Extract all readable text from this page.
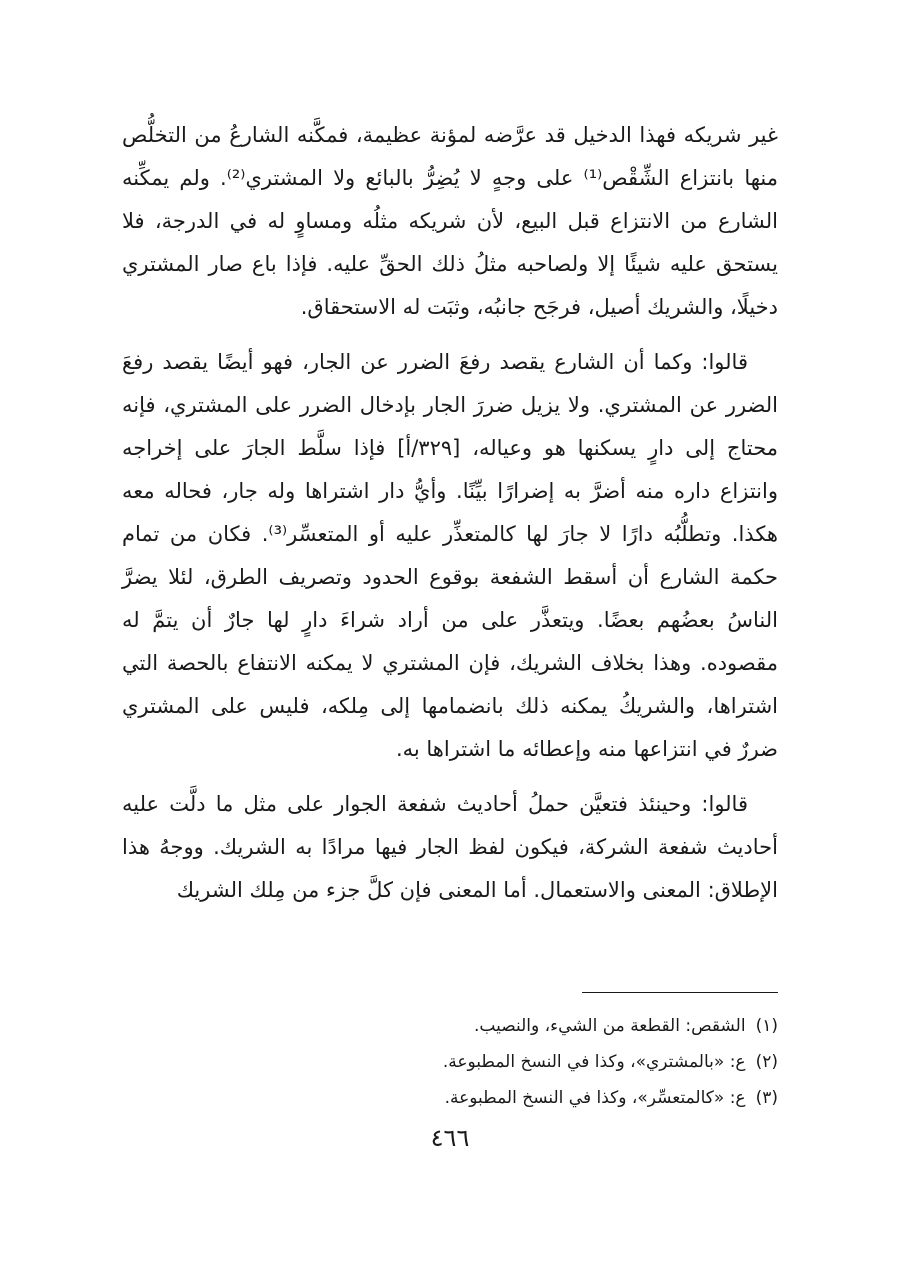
غير شريكه فهذا الدخيل قد عرَّضه لمؤنة عظيمة، فمكَّنه الشارعُ من التخلُّص منها بانتزاع الشِّقْص⁽¹⁾ على وجهٍ لا يُضِرُّ بالبائع ولا المشتري⁽²⁾. ولم يمكِّنه الشارع من الانتزاع قبل البيع، لأن شريكه مثلُه ومساوٍ له في الدرجة، فلا يستحق عليه شيئًا إلا ولصاحبه مثلُ ذلك الحقِّ عليه. فإذا باع صار المشتري دخيلًا، والشريك أصيل، فرجَح جانبُه، وثبَت له الاستحقاق.

قالوا: وكما أن الشارع يقصد رفعَ الضرر عن الجار، فهو أيضًا يقصد رفعَ الضرر عن المشتري. ولا يزيل ضررَ الجار بإدخال الضرر على المشتري، فإنه محتاج إلى دارٍ يسكنها هو وعياله، [٣٢٩/أ] فإذا سلَّط الجارَ على إخراجه وانتزاع داره منه أضرَّ به إضرارًا بيِّنًا. وأيُّ دار اشتراها وله جار، فحاله معه هكذا. وتطلُّبُه دارًا لا جارَ لها كالمتعذِّر عليه أو المتعسِّر⁽³⁾. فكان من تمام حكمة الشارع أن أسقط الشفعة بوقوع الحدود وتصريف الطرق، لئلا يضرَّ الناسُ بعضُهم بعضًا. ويتعذَّر على من أراد شراءَ دارٍ لها جارٌ أن يتمَّ له مقصوده. وهذا بخلاف الشريك، فإن المشتري لا يمكنه الانتفاع بالحصة التي اشتراها، والشريكُ يمكنه ذلك بانضمامها إلى مِلكه، فليس على المشتري ضررٌ في انتزاعها منه وإعطائه ما اشتراها به.

قالوا: وحينئذ فتعيَّن حملُ أحاديث شفعة الجوار على مثل ما دلَّت عليه أحاديث شفعة الشركة، فيكون لفظ الجار فيها مرادًا به الشريك. ووجهُ هذا الإطلاق: المعنى والاستعمال. أما المعنى فإن كلَّ جزء من مِلك الشريك

(١)الشقص: القطعة من الشيء، والنصيب.

(٢)ع: «بالمشتري»، وكذا في النسخ المطبوعة.

(٣)ع: «كالمتعسِّر»، وكذا في النسخ المطبوعة.

٤٦٦
